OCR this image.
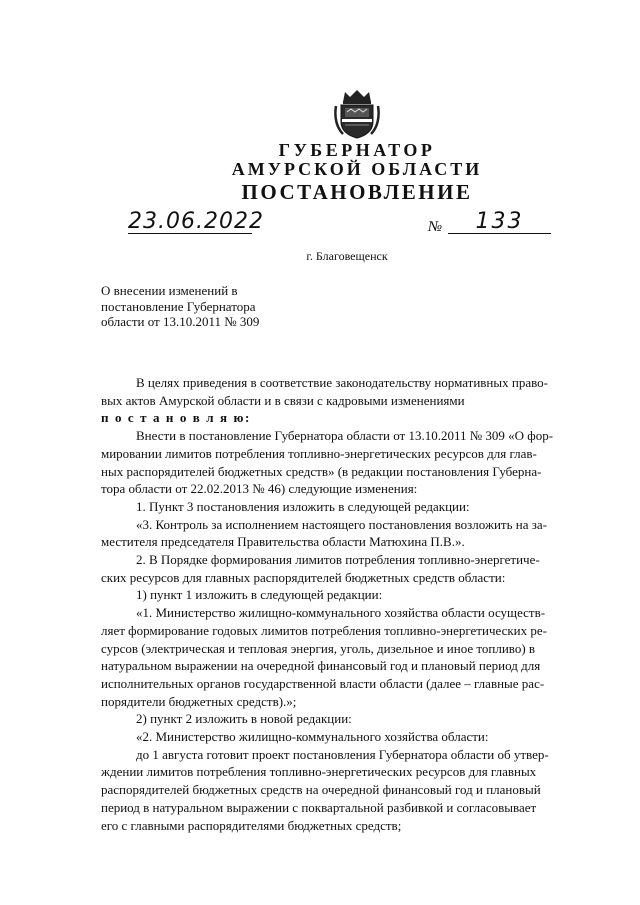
ГУБЕРНАТОР
АМУРСКОЙ ОБЛАСТИ
ПОСТАНОВЛЕНИЕ
23.06.2022	№	133
г. Благовещенск
О внесении изменений в
постановление Губернатора
области от 13.10.2011 № 309
В целях приведения в соответствие законодательству нормативных право-
вых актов Амурской области и в связи с кадровыми изменениями
п о с т а н о в л я ю:
Внести в постановление Губернатора области от 13.10.2011 № 309 «О фор-
мировании лимитов потребления топливно-энергетических ресурсов для глав-
ных распорядителей бюджетных средств» (в редакции постановления Губерна-
тора области от 22.02.2013 № 46) следующие изменения:
1. Пункт 3 постановления изложить в следующей редакции:
«3. Контроль за исполнением настоящего постановления возложить на за-
местителя председателя Правительства области Матюхина П.В.».
2. В Порядке формирования лимитов потребления топливно-энергетиче-
ских ресурсов для главных распорядителей бюджетных средств области:
1) пункт 1 изложить в следующей редакции:
«1. Министерство жилищно-коммунального хозяйства области осуществ-
ляет формирование годовых лимитов потребления топливно-энергетических ре-
сурсов (электрическая и тепловая энергия, уголь, дизельное и иное топливо) в
натуральном выражении на очередной финансовый год и плановый период для
исполнительных органов государственной власти области (далее – главные рас-
порядители бюджетных средств).»;
2) пункт 2 изложить в новой редакции:
«2. Министерство жилищно-коммунального хозяйства области:
до 1 августа готовит проект постановления Губернатора области об утвер-
ждении лимитов потребления топливно-энергетических ресурсов для главных
распорядителей бюджетных средств на очередной финансовый год и плановый
период в натуральном выражении с поквартальной разбивкой и согласовывает
его с главными распорядителями бюджетных средств;
